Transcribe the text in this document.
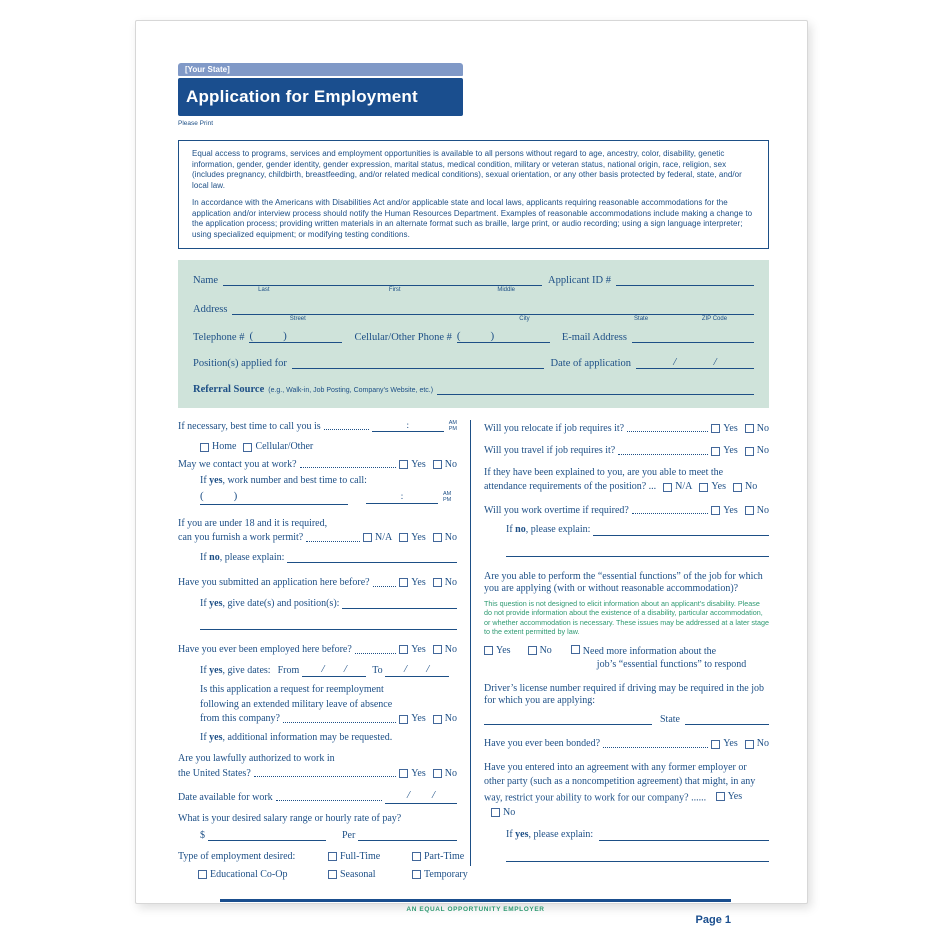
[Your State]
Application for Employment
Please Print

Equal access to programs, services and employment opportunities is available to all persons without regard to age, ancestry, color, disability, genetic information, gender, gender identity, gender expression, marital status, medical condition, military or veteran status, national origin, race, religion, sex (includes pregnancy, childbirth, breastfeeding, and/or related medical conditions), sexual orientation, or any other basis protected by federal, state, and/or local law.

In accordance with the Americans with Disabilities Act and/or applicable state and local laws, applicants requiring reasonable accommodations for the application and/or interview process should notify the Human Resources Department. Examples of reasonable accommodations include making a change to the application process; providing written materials in an alternate format such as braille, large print, or audio recording; using a sign language interpreter; using specialized equipment; or modifying testing conditions.

Name
Last	First	Middle
Applicant ID #
Address
Street	City	State	ZIP Code
Telephone # (	)	Cellular/Other Phone # (	)	E-mail Address
Position(s) applied for	Date of application	/	/
Referral Source (e.g., Walk-in, Job Posting, Company’s Website, etc.)
If necessary, best time to call you is	:	AM
PM
Home Cellular/Other
May we contact you at work?	Yes No
If yes, work number and best time to call:
(	)	:	AM
PM
If you are under 18 and it is required,
can you furnish a work permit?	N/A Yes No
If no, please explain:
Have you submitted an application here before?	Yes No
If yes, give date(s) and position(s):
Have you ever been employed here before?	Yes No
If yes, give dates: From / /	To / /
Is this application a request for reemployment
following an extended military leave of absence
from this company?	Yes No
If yes, additional information may be requested.
Are you lawfully authorized to work in
the United States?	Yes No
Date available for work	/ /
What is your desired salary range or hourly rate of pay?
$	Per
Type of employment desired:	Full-Time	Part-Time
Educational Co-Op	Seasonal	Temporary
Will you relocate if job requires it?	Yes No
Will you travel if job requires it?	Yes No
If they have been explained to you, are you able to meet the
attendance requirements of the position? ... N/A Yes No
Will you work overtime if required?	Yes No
If no, please explain:
Are you able to perform the “essential functions” of the job for which you are applying (with or without reasonable accommodation)?
This question is not designed to elicit information about an applicant’s disability. Please do not provide information about the existence of a disability, particular accommodation, or whether accommodation is necessary. These issues may be addressed at a later stage to the extent permitted by law.
Yes	No	Need more information about the
job’s “essential functions” to respond
Driver’s license number required if driving may be required in the job for which you are applying:
State
Have you ever been bonded?	Yes No
Have you entered into an agreement with any former employer or other party (such as a noncompetition agreement) that might, in any way, restrict your ability to work for our company? ...... Yes

No
If yes, please explain:
AN EQUAL OPPORTUNITY EMPLOYER
Page 1
